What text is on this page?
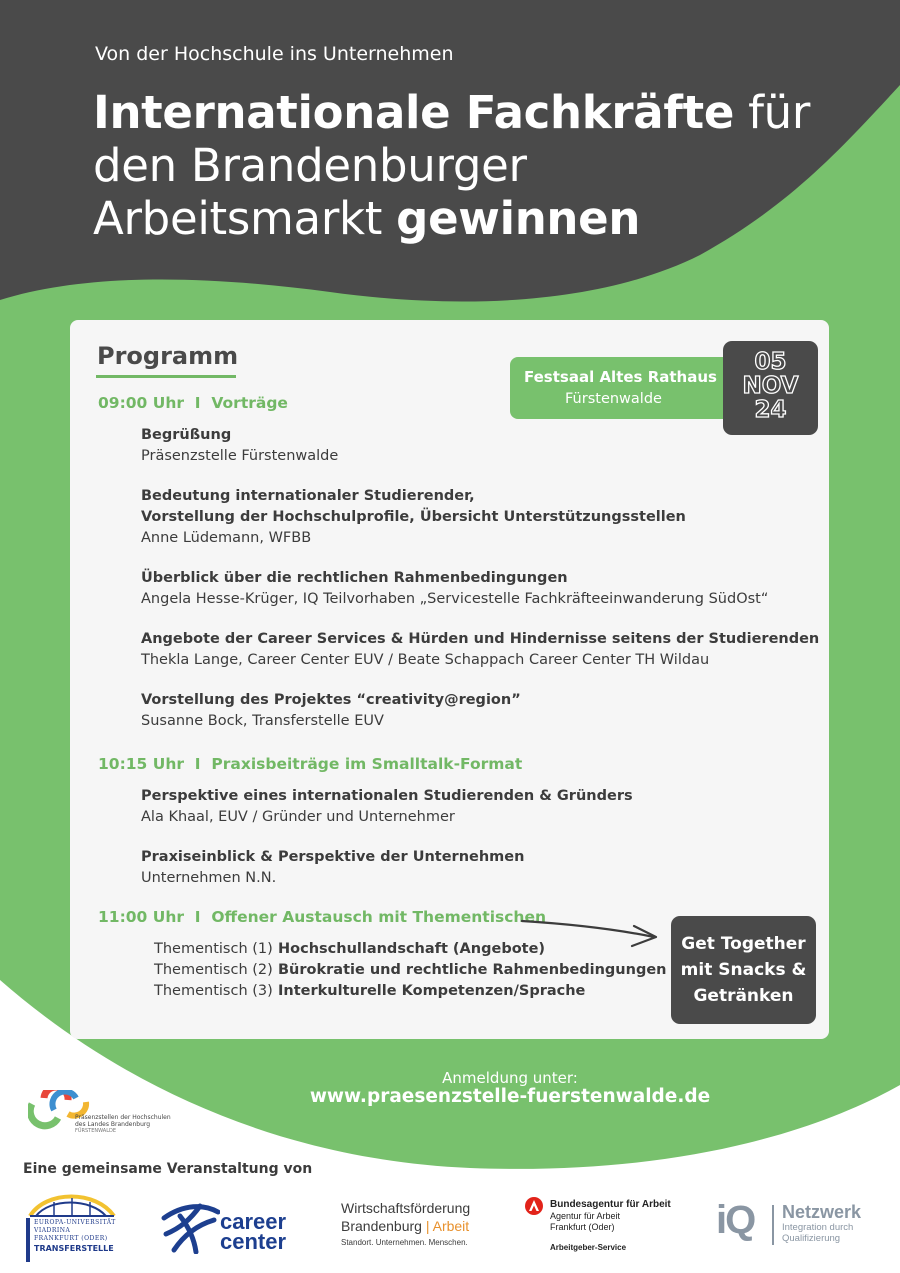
Von der Hochschule ins Unternehmen
Internationale Fachkräfte für
den Brandenburger
Arbeitsmarkt gewinnen
Programm
Festsaal Altes Rathaus
Fürstenwalde
05
NOV
24
09:00 Uhr I Vorträge
Begrüßung
Präsenzstelle Fürstenwalde
Bedeutung internationaler Studierender,
Vorstellung der Hochschulprofile, Übersicht Unterstützungsstellen
Anne Lüdemann, WFBB
Überblick über die rechtlichen Rahmenbedingungen
Angela Hesse-Krüger, IQ Teilvorhaben „Servicestelle Fachkräfteeinwanderung SüdOst“
Angebote der Career Services & Hürden und Hindernisse seitens der Studierenden
Thekla Lange, Career Center EUV / Beate Schappach Career Center TH Wildau
Vorstellung des Projektes “creativity@region”
Susanne Bock, Transferstelle EUV
10:15 Uhr I Praxisbeiträge im Smalltalk-Format
Perspektive eines internationalen Studierenden & Gründers
Ala Khaal, EUV / Gründer und Unternehmer
Praxiseinblick & Perspektive der Unternehmen
Unternehmen N.N.
11:00 Uhr I Offener Austausch mit Thementischen
Thementisch (1) Hochschullandschaft (Angebote)
Thementisch (2) Bürokratie und rechtliche Rahmenbedingungen
Thementisch (3) Interkulturelle Kompetenzen/Sprache
Get Together
mit Snacks &
Getränken
Anmeldung unter:
www.praesenzstelle-fuerstenwalde.de
Präsenzstellen der Hochschulen
des Landes Brandenburg
FÜRSTENWALDE
Eine gemeinsame Veranstaltung von
EUROPA-UNIVERSITÄT
VIADRINA
FRANKFURT (ODER)
TRANSFERSTELLE
career
center
Wirtschaftsförderung
Brandenburg | Arbeit
Standort. Unternehmen. Menschen.
Bundesagentur für Arbeit
Agentur für Arbeit
Frankfurt (Oder)
Arbeitgeber-Service
iQ Netzwerk
Integration durch
Qualifizierung
